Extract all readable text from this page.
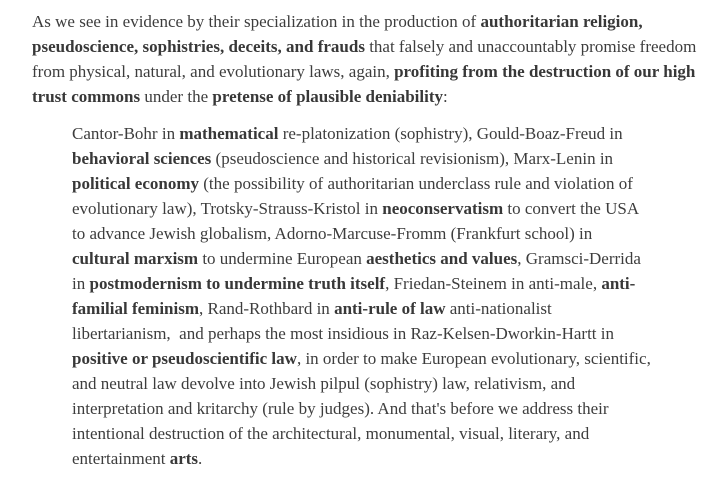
As we see in evidence by their specialization in the production of authoritarian religion, pseudoscience, sophistries, deceits, and frauds that falsely and unaccountably promise freedom from physical, natural, and evolutionary laws, again, profiting from the destruction of our high trust commons under the pretense of plausible deniability:

Cantor-Bohr in mathematical re-platonization (sophistry), Gould-Boaz-Freud in behavioral sciences (pseudoscience and historical revisionism), Marx-Lenin in political economy (the possibility of authoritarian underclass rule and violation of evolutionary law), Trotsky-Strauss-Kristol in neoconservatism to convert the USA to advance Jewish globalism, Adorno-Marcuse-Fromm (Frankfurt school) in cultural marxism to undermine European aesthetics and values, Gramsci-Derrida in postmodernism to undermine truth itself, Friedan-Steinem in anti-male, anti-familial feminism, Rand-Rothbard in anti-rule of law anti-nationalist libertarianism,  and perhaps the most insidious in Raz-Kelsen-Dworkin-Hartt in positive or pseudoscientific law, in order to make European evolutionary, scientific, and neutral law devolve into Jewish pilpul (sophistry) law, relativism, and interpretation and kritarchy (rule by judges). And that's before we address their intentional destruction of the architectural, monumental, visual, literary, and entertainment arts.
